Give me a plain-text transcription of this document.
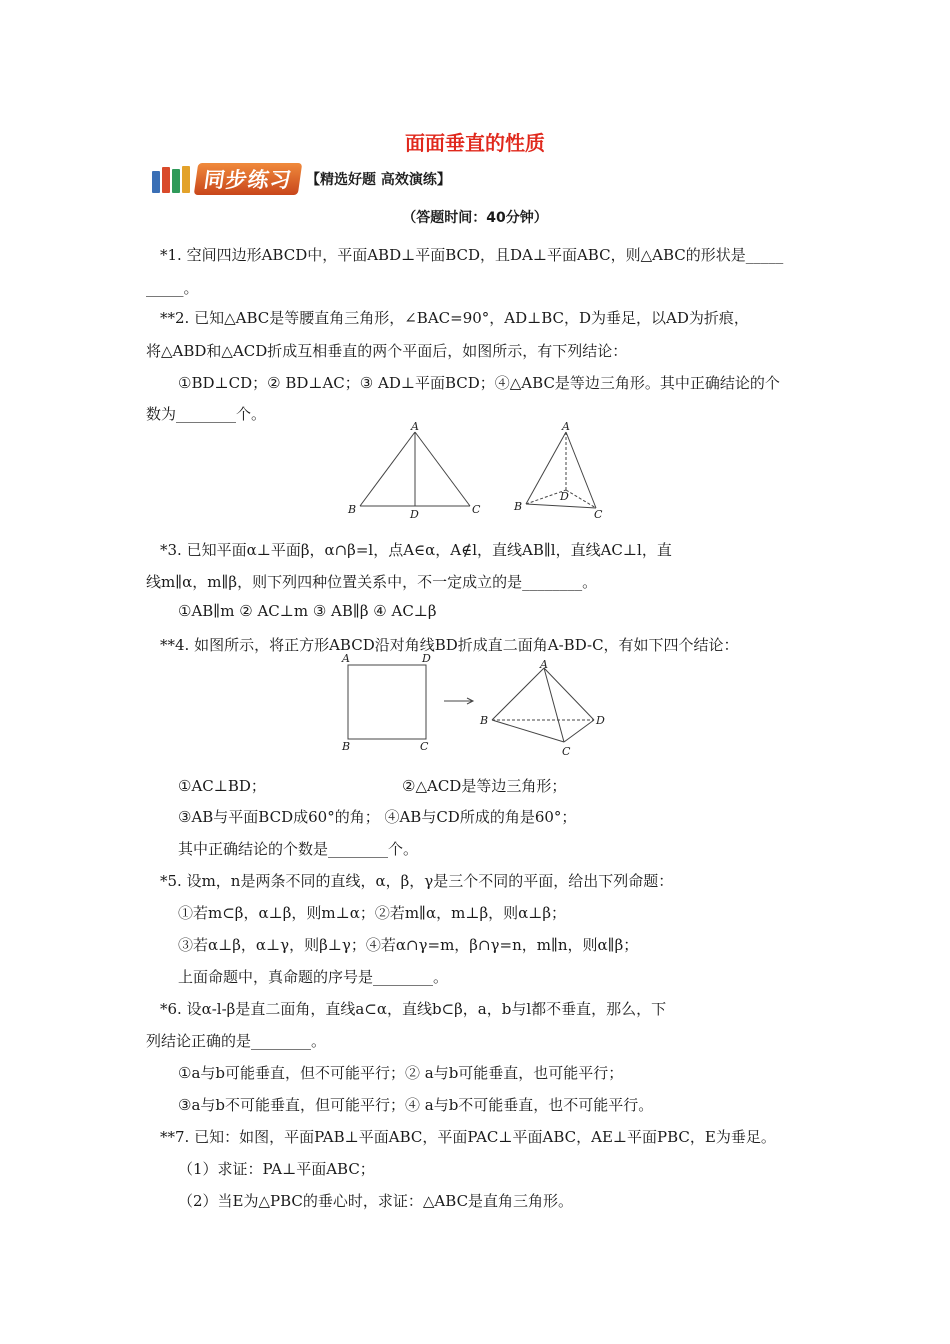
面面垂直的性质
同步练习 【精选好题 高效演练】
（答题时间：40分钟）
*1. 空间四边形ABCD中，平面ABD⊥平面BCD，且DA⊥平面ABC，则△ABC的形状是_____
_____。
**2. 已知△ABC是等腰直角三角形，∠BAC=90°，AD⊥BC，D为垂足，以AD为折痕，
将△ABD和△ACD折成互相垂直的两个平面后，如图所示，有下列结论：
①BD⊥CD；② BD⊥AC；③ AD⊥平面BCD；④△ABC是等边三角形。其中正确结论的个
数为________个。
A
B	D	C
A
B
D
C
*3. 已知平面α⊥平面β，α∩β=l，点A∈α，A∉l，直线AB∥l，直线AC⊥l，直
线m∥α，m∥β，则下列四种位置关系中，不一定成立的是________。
①AB∥m ② AC⊥m ③ AB∥β ④ AC⊥β
**4. 如图所示，将正方形ABCD沿对角线BD折成直二面角A-BD-C，有如下四个结论：
A	D
B	C
A
B	D
C
①AC⊥BD；	②△ACD是等边三角形；
③AB与平面BCD成60°的角； ④AB与CD所成的角是60°；
其中正确结论的个数是________个。
*5. 设m，n是两条不同的直线，α，β，γ是三个不同的平面，给出下列命题：
①若m⊂β，α⊥β，则m⊥α；②若m∥α，m⊥β，则α⊥β；
③若α⊥β，α⊥γ，则β⊥γ；④若α∩γ=m，β∩γ=n，m∥n，则α∥β；
上面命题中，真命题的序号是________。
*6. 设α-l-β是直二面角，直线a⊂α，直线b⊂β，a，b与l都不垂直，那么，下
列结论正确的是________。
①a与b可能垂直，但不可能平行；② a与b可能垂直，也可能平行；
③a与b不可能垂直，但可能平行；④ a与b不可能垂直，也不可能平行。
**7. 已知：如图，平面PAB⊥平面ABC，平面PAC⊥平面ABC，AE⊥平面PBC，E为垂足。
（1）求证：PA⊥平面ABC；
（2）当E为△PBC的垂心时，求证：△ABC是直角三角形。
